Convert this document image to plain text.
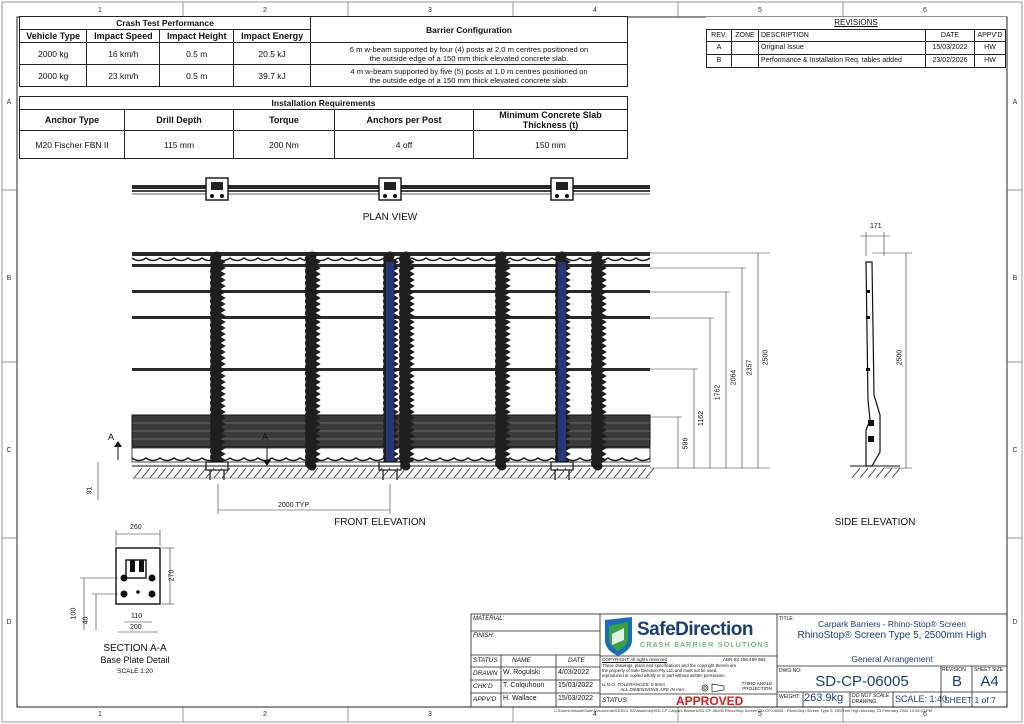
1
1
2
2
3
3
4
4
5
5
6
6
A	A
B	B
C	C
D	D
Crash Test Performance				Barrier Configuration
Vehicle Type	Impact Speed	Impact Height	Impact Energy	
2000 kg	16 km/h	0.5 m	20.5 kJ	6 m w-beam supported by four (4) posts at 2.0 m centres positioned on
the outside edge of a 150 mm thick elevated concrete slab.

2000 kg	23 km/h	0.5 m	39.7 kJ	4 m w-beam supported by five (5) posts at 1.0 m centres positioned on
the outside edge of a 150 mm thick elevated concrete slab.
Installation Requirements				
Anchor Type	Drill Depth	Torque	Anchors per Post	Minimum Concrete Slab Thickness (t)
M20 Fischer FBN II	115 mm	200 Nm	4 off	150 mm
REVISIONS				
REV.	ZONE	DESCRIPTION	DATE	APPV'D
A		Original Issue	15/03/2022	HW
B		Performance & Installation Req. tables added	23/02/2026	HW
PLAN VIEW
FRONT ELEVATION	SIDE ELEVATION
SECTION A-A
Base Plate Detail
SCALE 1:20
2000 TYP
91
596
1162
1762
2064
2357
2500
171
2500
260
270
110
200
100
40
A	A
MATERIAL:
FINISH:
STATUS NAME	DATE
DRAWN W. Rogulski	4/03/2022
CHK'D T. Colquhoun 15/03/2022
APPV'D H. Wallace	15/03/2022
SafeDirection
CRASH BARRIER SOLUTIONS
COPYRIGHT All rights reserved	ABN 53 156 459 684
These drawings, plans and specifications and the copyright therein are
the property of Safe Direction Pty Ltd, and must not be used,
reproduced or copied wholly or in part without written permission.
U.N.O. TOLERANCES: 0.5mm
ALL DIMENSIONS ARE IN mm
THIRD ANGLE PROJECTION
STATUS:	APPROVED
TITLE:	Carpark Barriers - Rhino-Stop® Screen
RhinoStop® Screen Type 5, 2500mm High
General Arrangement
DWG NO:
SD-CP-06005
REVISION
B
SHEET SIZE
A4
WEIGHT: 263.9kg DO NOT SCALE DRAWING	SCALE: 1:40
SHEET 1 of 7
C:\Users\Vekare\Safe\Documents\SDS\01 SD\Assembly\SD-CP Carpark Barriers\SD-CP-06005 RhinoStop Screen\SD-CP-06005 - RhinoStop Screen Type 5, 2500mm High Monday, 23 February 2026 10:45:07 PM
